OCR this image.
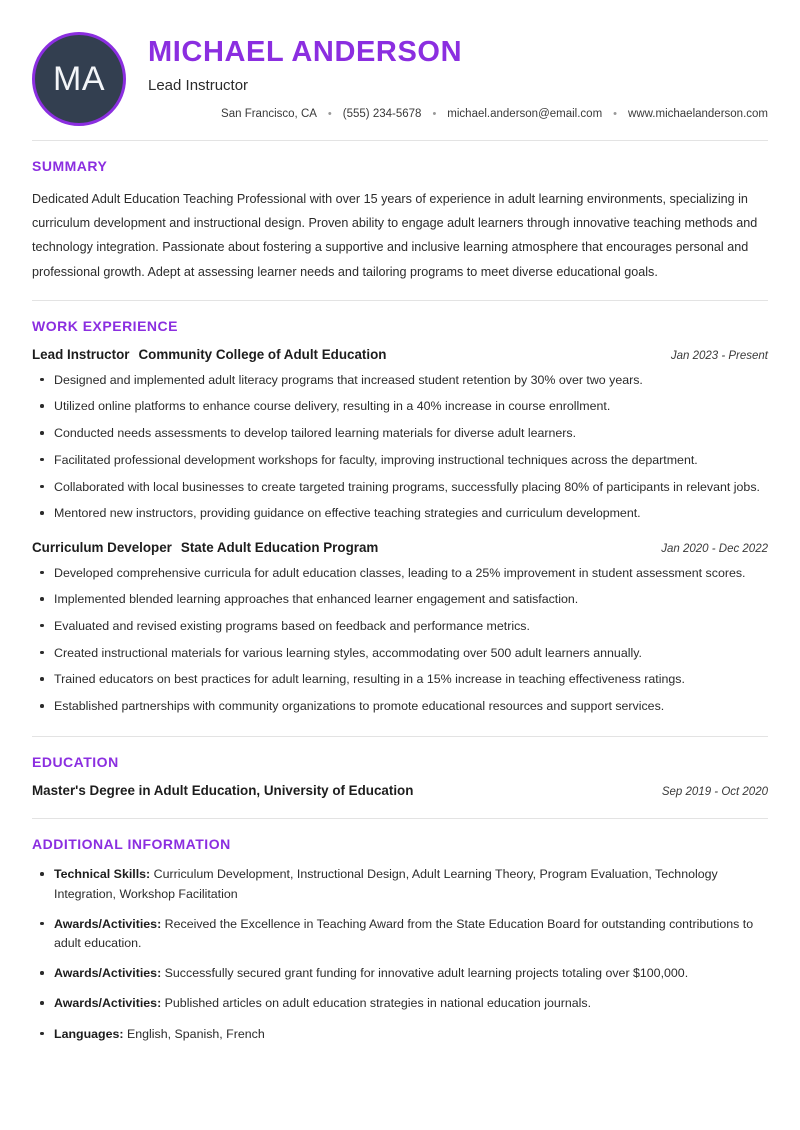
MA
MICHAEL ANDERSON
Lead Instructor
San Francisco, CA	• (555) 234-5678	• michael.anderson@email.com	• www.michaelanderson.com
SUMMARY
Dedicated Adult Education Teaching Professional with over 15 years of experience in adult learning environments, specializing in curriculum development and instructional design. Proven ability to engage adult learners through innovative teaching methods and technology integration. Passionate about fostering a supportive and inclusive learning atmosphere that encourages personal and professional growth. Adept at assessing learner needs and tailoring programs to meet diverse educational goals.
WORK EXPERIENCE
Lead Instructor Community College of Adult Education	Jan 2023 - Present
Designed and implemented adult literacy programs that increased student retention by 30% over two years.
Utilized online platforms to enhance course delivery, resulting in a 40% increase in course enrollment.
Conducted needs assessments to develop tailored learning materials for diverse adult learners.
Facilitated professional development workshops for faculty, improving instructional techniques across the department.
Collaborated with local businesses to create targeted training programs, successfully placing 80% of participants in relevant jobs.
Mentored new instructors, providing guidance on effective teaching strategies and curriculum development.
Curriculum Developer State Adult Education Program	Jan 2020 - Dec 2022
Developed comprehensive curricula for adult education classes, leading to a 25% improvement in student assessment scores.
Implemented blended learning approaches that enhanced learner engagement and satisfaction.
Evaluated and revised existing programs based on feedback and performance metrics.
Created instructional materials for various learning styles, accommodating over 500 adult learners annually.
Trained educators on best practices for adult learning, resulting in a 15% increase in teaching effectiveness ratings.
Established partnerships with community organizations to promote educational resources and support services.
EDUCATION
Master's Degree in Adult Education, University of Education	Sep 2019 - Oct 2020
ADDITIONAL INFORMATION
Technical Skills: Curriculum Development, Instructional Design, Adult Learning Theory, Program Evaluation, Technology Integration, Workshop Facilitation
Awards/Activities: Received the Excellence in Teaching Award from the State Education Board for outstanding contributions to adult education.
Awards/Activities: Successfully secured grant funding for innovative adult learning projects totaling over $100,000.
Awards/Activities: Published articles on adult education strategies in national education journals.
Languages: English, Spanish, French
